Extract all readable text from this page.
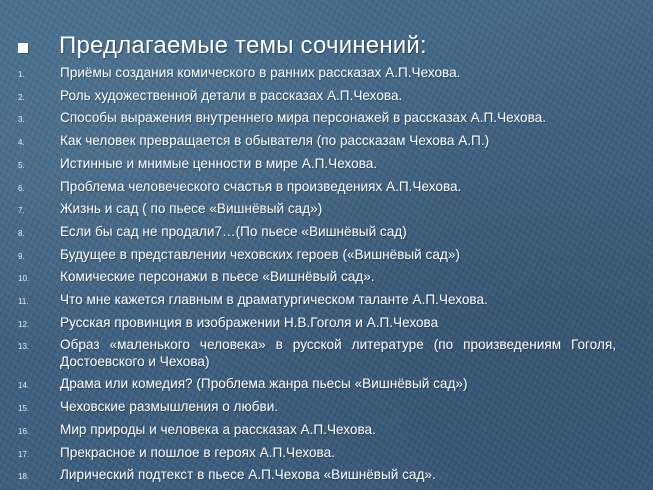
Предлагаемые темы сочинений:
1.	Приёмы создания комического в ранних рассказах А.П.Чехова.
2.	Роль художественной детали в рассказах А.П.Чехова.
3.	Способы выражения внутреннего мира персонажей в рассказах А.П.Чехова.
4.	Как человек превращается в обывателя (по рассказам Чехова А.П.)
5.	Истинные и мнимые ценности в мире А.П.Чехова.
6.	Проблема человеческого счастья в произведениях А.П.Чехова.
7.	Жизнь и сад ( по пьесе «Вишнёвый сад»)
8.	Если бы сад не продали7…(По пьесе «Вишнёвый сад)
9.	Будущее в представлении чеховских героев («Вишнёвый сад»)
10.	Комические персонажи в пьесе «Вишнёвый сад».
11.	Что мне кажется главным в драматургическом таланте А.П.Чехова.
12.	Русская провинция в изображении Н.В.Гоголя и А.П.Чехова
13.	Образ «маленького человека» в русской литературе (по произведениям Гоголя, Достоевского и Чехова)
14.	Драма или комедия? (Проблема жанра пьесы «Вишнёвый сад»)
15.	Чеховские размышления о любви.
16.	Мир природы и человека а рассказах А.П.Чехова.
17.	Прекрасное и пошлое в героях А.П.Чехова.
18.	Лирический подтекст в пьесе А.П.Чехова «Вишнёвый сад».
